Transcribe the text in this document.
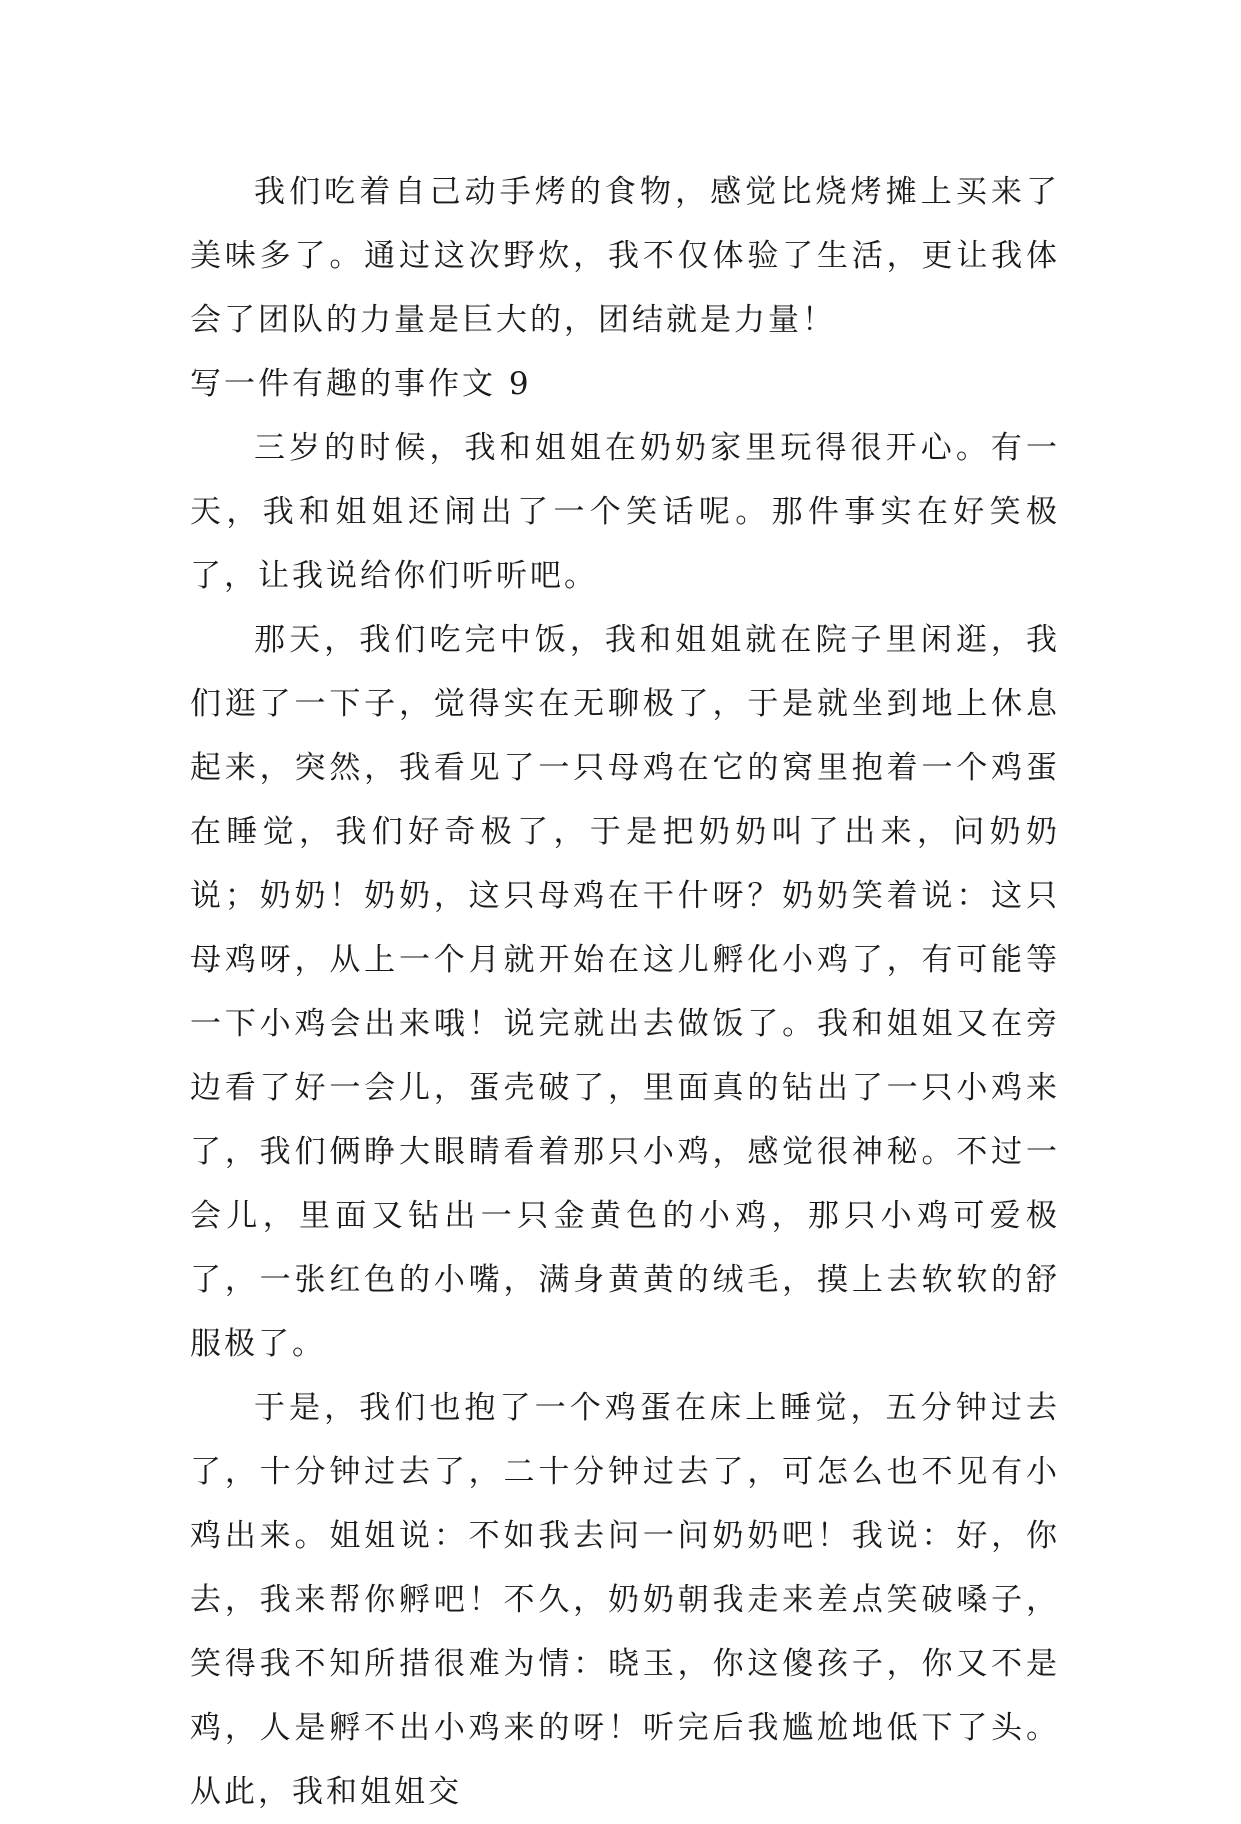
我们吃着自己动手烤的食物，感觉比烧烤摊上买来了美味多了。通过这次野炊，我不仅体验了生活，更让我体会了团队的力量是巨大的，团结就是力量！

写一件有趣的事作文 9

三岁的时候，我和姐姐在奶奶家里玩得很开心。有一天，我和姐姐还闹出了一个笑话呢。那件事实在好笑极了，让我说给你们听听吧。

那天，我们吃完中饭，我和姐姐就在院子里闲逛，我们逛了一下子，觉得实在无聊极了，于是就坐到地上休息起来，突然，我看见了一只母鸡在它的窝里抱着一个鸡蛋在睡觉，我们好奇极了，于是把奶奶叫了出来，问奶奶说；奶奶！奶奶，这只母鸡在干什呀？奶奶笑着说：这只母鸡呀，从上一个月就开始在这儿孵化小鸡了，有可能等一下小鸡会出来哦！说完就出去做饭了。我和姐姐又在旁边看了好一会儿，蛋壳破了，里面真的钻出了一只小鸡来了，我们俩睁大眼睛看着那只小鸡，感觉很神秘。不过一会儿，里面又钻出一只金黄色的小鸡，那只小鸡可爱极了，一张红色的小嘴，满身黄黄的绒毛，摸上去软软的舒服极了。

于是，我们也抱了一个鸡蛋在床上睡觉，五分钟过去了，十分钟过去了，二十分钟过去了，可怎么也不见有小鸡出来。姐姐说：不如我去问一问奶奶吧！我说：好，你去，我来帮你孵吧！不久，奶奶朝我走来差点笑破嗓子，笑得我不知所措很难为情：晓玉，你这傻孩子，你又不是鸡，人是孵不出小鸡来的呀！听完后我尴尬地低下了头。从此，我和姐姐交
